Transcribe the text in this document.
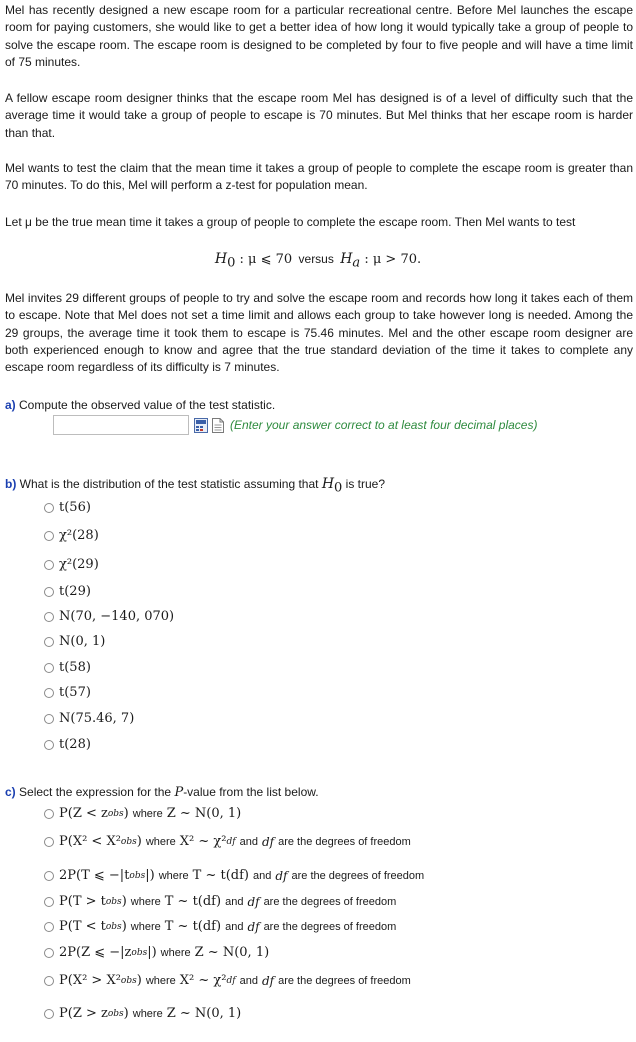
Mel has recently designed a new escape room for a particular recreational centre. Before Mel launches the escape room for paying customers, she would like to get a better idea of how long it would typically take a group of people to solve the escape room. The escape room is designed to be completed by four to five people and will have a time limit of 75 minutes.
A fellow escape room designer thinks that the escape room Mel has designed is of a level of difficulty such that the average time it would take a group of people to escape is 70 minutes. But Mel thinks that her escape room is harder than that.
Mel wants to test the claim that the mean time it takes a group of people to complete the escape room is greater than 70 minutes. To do this, Mel will perform a z-test for population mean.
Let μ be the true mean time it takes a group of people to complete the escape room. Then Mel wants to test
$H_0$ : μ ⩽ 70 versus $H_a$ : μ > 70.
Mel invites 29 different groups of people to try and solve the escape room and records how long it takes each of them to escape. Note that Mel does not set a time limit and allows each group to take however long is needed. Among the 29 groups, the average time it took them to escape is 75.46 minutes. Mel and the other escape room designer are both experienced enough to know and agree that the true standard deviation of the time it takes to complete any escape room regardless of its difficulty is 7 minutes.
a) Compute the observed value of the test statistic.
(Enter your answer correct to at least four decimal places)
b) What is the distribution of the test statistic assuming that $H_0$ is true?
t(56)
χ²(28)
χ²(29)
t(29)
N(70, −140, 070)
N(0, 1)
t(58)
t(57)
N(75.46, 7)
t(28)
c) Select the expression for the P-value from the list below.
P(Z < z obs ) where Z ~ N(0, 1)
P(X² < X² obs ) where X² ~ χ² df and df are the degrees of freedom
2P(T ⩽ −|t obs |) where T ~ t(df) and df are the degrees of freedom
P(T > t obs ) where T ~ t(df) and df are the degrees of freedom
P(T < t obs ) where T ~ t(df) and df are the degrees of freedom
2P(Z ⩽ −|z obs |) where Z ~ N(0, 1)
P(X² > X² obs ) where X² ~ χ² df and df are the degrees of freedom
P(Z > z obs ) where Z ~ N(0, 1)
